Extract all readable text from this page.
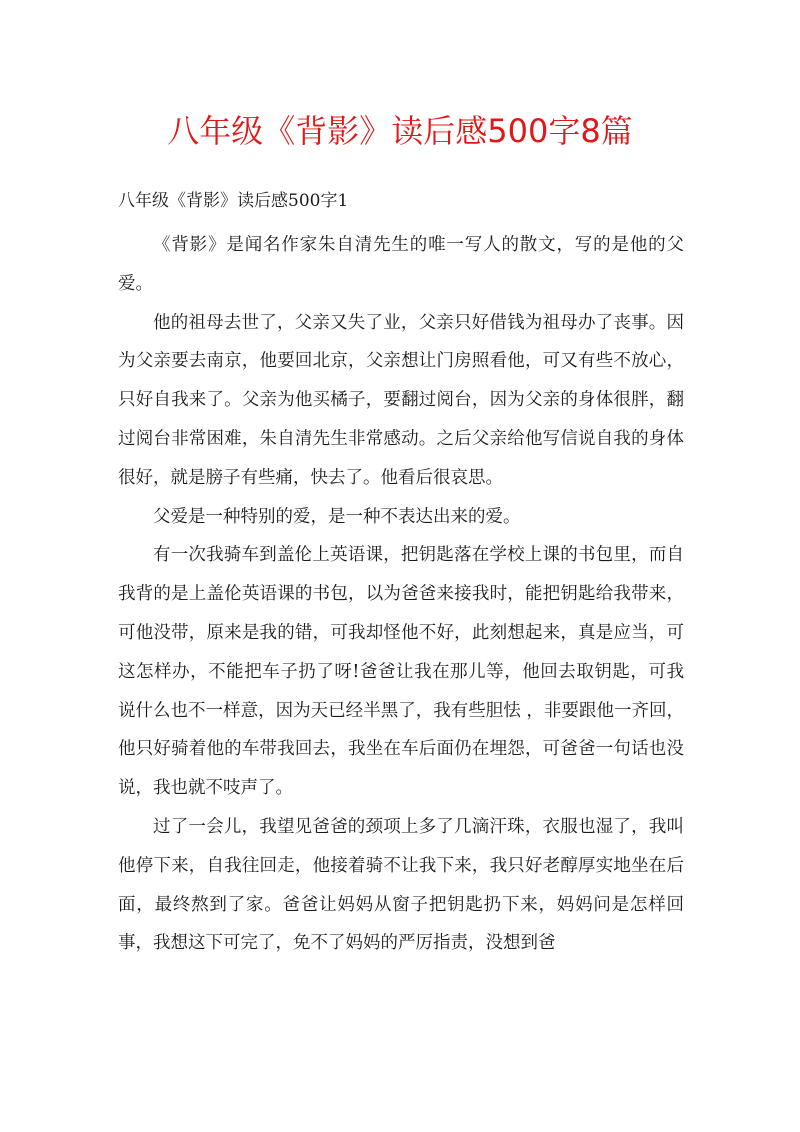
八年级《背影》读后感500字8篇
八年级《背影》读后感500字1

《背影》是闻名作家朱自清先生的唯一写人的散文，写的是他的父爱。

他的祖母去世了，父亲又失了业，父亲只好借钱为祖母办了丧事。因为父亲要去南京，他要回北京，父亲想让门房照看他，可又有些不放心，只好自我来了。父亲为他买橘子，要翻过阅台，因为父亲的身体很胖，翻过阅台非常困难，朱自清先生非常感动。之后父亲给他写信说自我的身体很好，就是膀子有些痛，快去了。他看后很哀思。

父爱是一种特别的爱，是一种不表达出来的爱。

有一次我骑车到盖伦上英语课，把钥匙落在学校上课的书包里，而自我背的是上盖伦英语课的书包，以为爸爸来接我时，能把钥匙给我带来，可他没带，原来是我的错，可我却怪他不好，此刻想起来，真是应当，可这怎样办，不能把车子扔了呀!爸爸让我在那儿等，他回去取钥匙，可我说什么也不一样意，因为天已经半黑了，我有些胆怯 ，非要跟他一齐回，他只好骑着他的车带我回去，我坐在车后面仍在埋怨，可爸爸一句话也没说，我也就不吱声了。

过了一会儿，我望见爸爸的颈项上多了几滴汗珠，衣服也湿了，我叫他停下来，自我往回走，他接着骑不让我下来，我只好老醇厚实地坐在后面，最终熬到了家。爸爸让妈妈从窗子把钥匙扔下来，妈妈问是怎样回事，我想这下可完了，免不了妈妈的严厉指责，没想到爸
